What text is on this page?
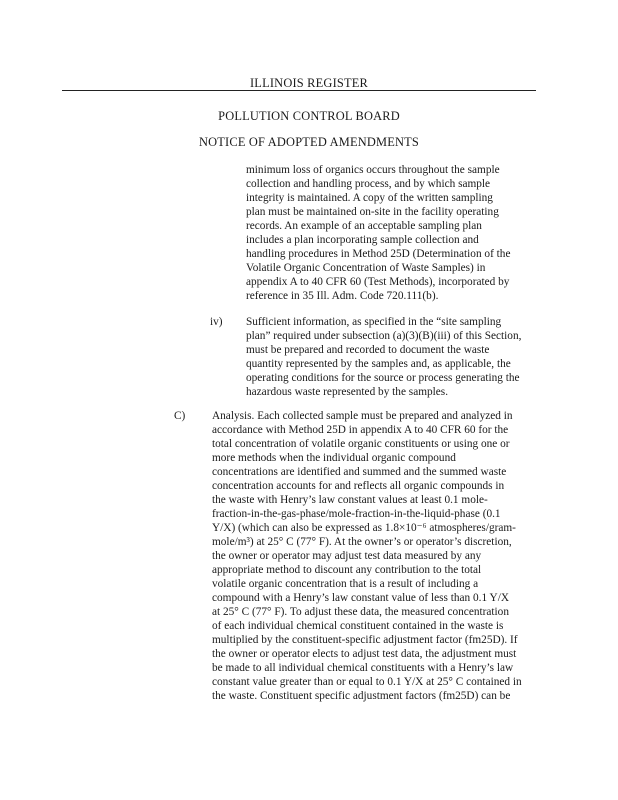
ILLINOIS REGISTER
POLLUTION CONTROL BOARD
NOTICE OF ADOPTED AMENDMENTS
minimum loss of organics occurs throughout the sample
collection and handling process, and by which sample
integrity is maintained. A copy of the written sampling
plan must be maintained on-site in the facility operating
records. An example of an acceptable sampling plan
includes a plan incorporating sample collection and
handling procedures in Method 25D (Determination of the
Volatile Organic Concentration of Waste Samples) in
appendix A to 40 CFR 60 (Test Methods), incorporated by
reference in 35 Ill. Adm. Code 720.111(b).
iv) Sufficient information, as specified in the “site sampling
plan” required under subsection (a)(3)(B)(iii) of this Section,
must be prepared and recorded to document the waste
quantity represented by the samples and, as applicable, the
operating conditions for the source or process generating the
hazardous waste represented by the samples.
C) Analysis. Each collected sample must be prepared and analyzed in
accordance with Method 25D in appendix A to 40 CFR 60 for the
total concentration of volatile organic constituents or using one or
more methods when the individual organic compound
concentrations are identified and summed and the summed waste
concentration accounts for and reflects all organic compounds in
the waste with Henry’s law constant values at least 0.1 mole-
fraction-in-the-gas-phase/mole-fraction-in-the-liquid-phase (0.1
Y/X) (which can also be expressed as 1.8×10⁻⁶ atmospheres/gram-
mole/m³) at 25° C (77° F). At the owner’s or operator’s discretion,
the owner or operator may adjust test data measured by any
appropriate method to discount any contribution to the total
volatile organic concentration that is a result of including a
compound with a Henry’s law constant value of less than 0.1 Y/X
at 25° C (77° F). To adjust these data, the measured concentration
of each individual chemical constituent contained in the waste is
multiplied by the constituent-specific adjustment factor (fm25D). If
the owner or operator elects to adjust test data, the adjustment must
be made to all individual chemical constituents with a Henry’s law
constant value greater than or equal to 0.1 Y/X at 25° C contained in
the waste. Constituent specific adjustment factors (fm25D) can be
